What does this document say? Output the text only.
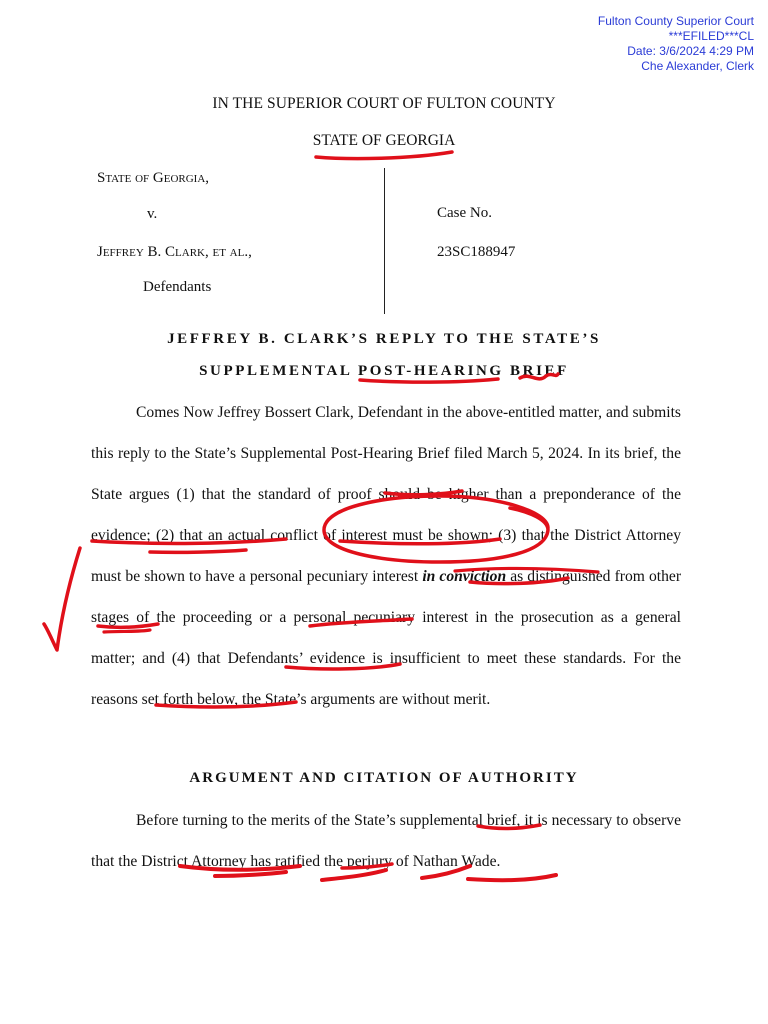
Fulton County Superior Court
***EFILED***CL
Date: 3/6/2024 4:29 PM
Che Alexander, Clerk
IN THE SUPERIOR COURT OF FULTON COUNTY
STATE OF GEORGIA
State of Georgia,
v.
Jeffrey B. Clark, et al.,
Defendants
Case No.
23SC188947
JEFFREY B. CLARK’S REPLY TO THE STATE’S
SUPPLEMENTAL POST-HEARING BRIEF

Comes Now Jeffrey Bossert Clark, Defendant in the above-entitled matter, and submits this reply to the State’s Supplemental Post-Hearing Brief filed March 5, 2024. In its brief, the State argues (1) that the standard of proof should be higher than a preponderance of the evidence; (2) that an actual conflict of interest must be shown; (3) that the District Attorney must be shown to have a personal pecuniary interest in conviction as distinguished from other stages of the proceeding or a personal pecuniary interest in the prosecution as a general matter; and (4) that Defendants’ evidence is insufficient to meet these standards. For the reasons set forth below, the State’s arguments are without merit.

ARGUMENT AND CITATION OF AUTHORITY

Before turning to the merits of the State’s supplemental brief, it is necessary to observe that the District Attorney has ratified the perjury of Nathan Wade.
